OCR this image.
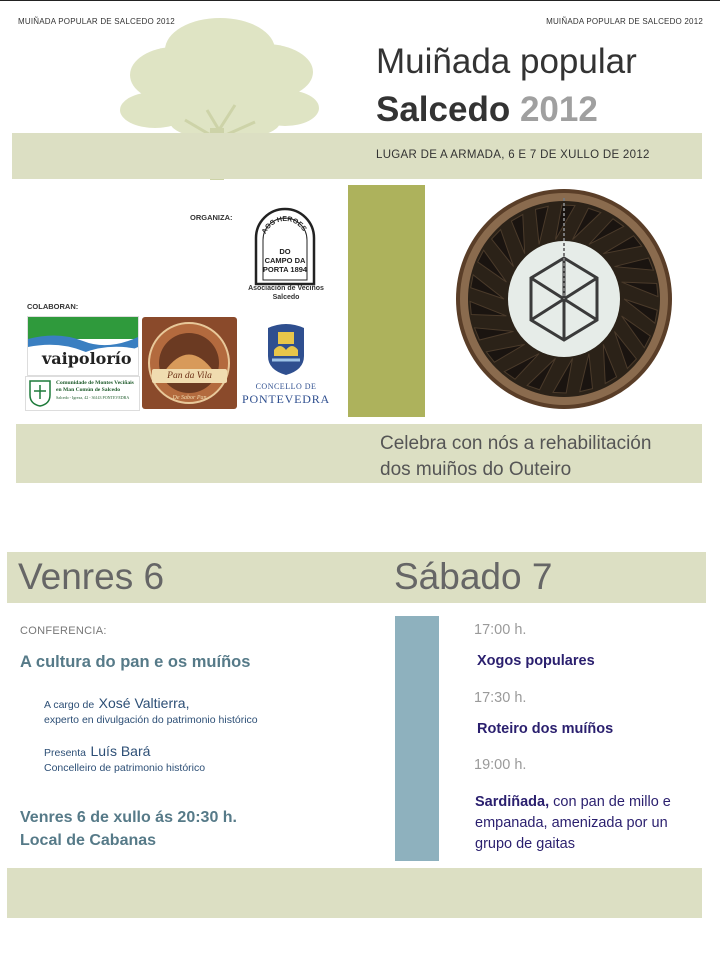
MUIÑADA POPULAR DE SALCEDO 2012	MUIÑADA POPULAR DE SALCEDO 2012
Muiñada popular
Salcedo 2012
LUGAR DE A ARMADA, 6 E 7 DE XULLO DE 2012
ORGANIZA:
AOS HEROES
DO
CAMPO DA
PORTA 1894
Asociación de Veciños
Salcedo
COLABORAN:
vaipolorío
Comunidade de Montes Veciñais
en Man Común de Salcedo
Salcedo - Igrexa, 42 - 36143 PONTEVEDRA
Pan da Vila
De Sabor Pan
CONCELLO DE
PONTEVEDRA
Celebra con nós a rehabilitación
dos muiños do Outeiro
Venres 6	Sábado 7
CONFERENCIA:
A cultura do pan e os muíños
A cargo de Xosé Valtierra,
experto en divulgación do patrimonio histórico
Presenta Luís Bará
Concelleiro de patrimonio histórico
Venres 6 de xullo ás 20:30 h.
Local de Cabanas
17:00 h.
Xogos populares
17:30 h.
Roteiro dos muíños
19:00 h.
Sardiñada, con pan de millo e empanada, amenizada por un grupo de gaitas
